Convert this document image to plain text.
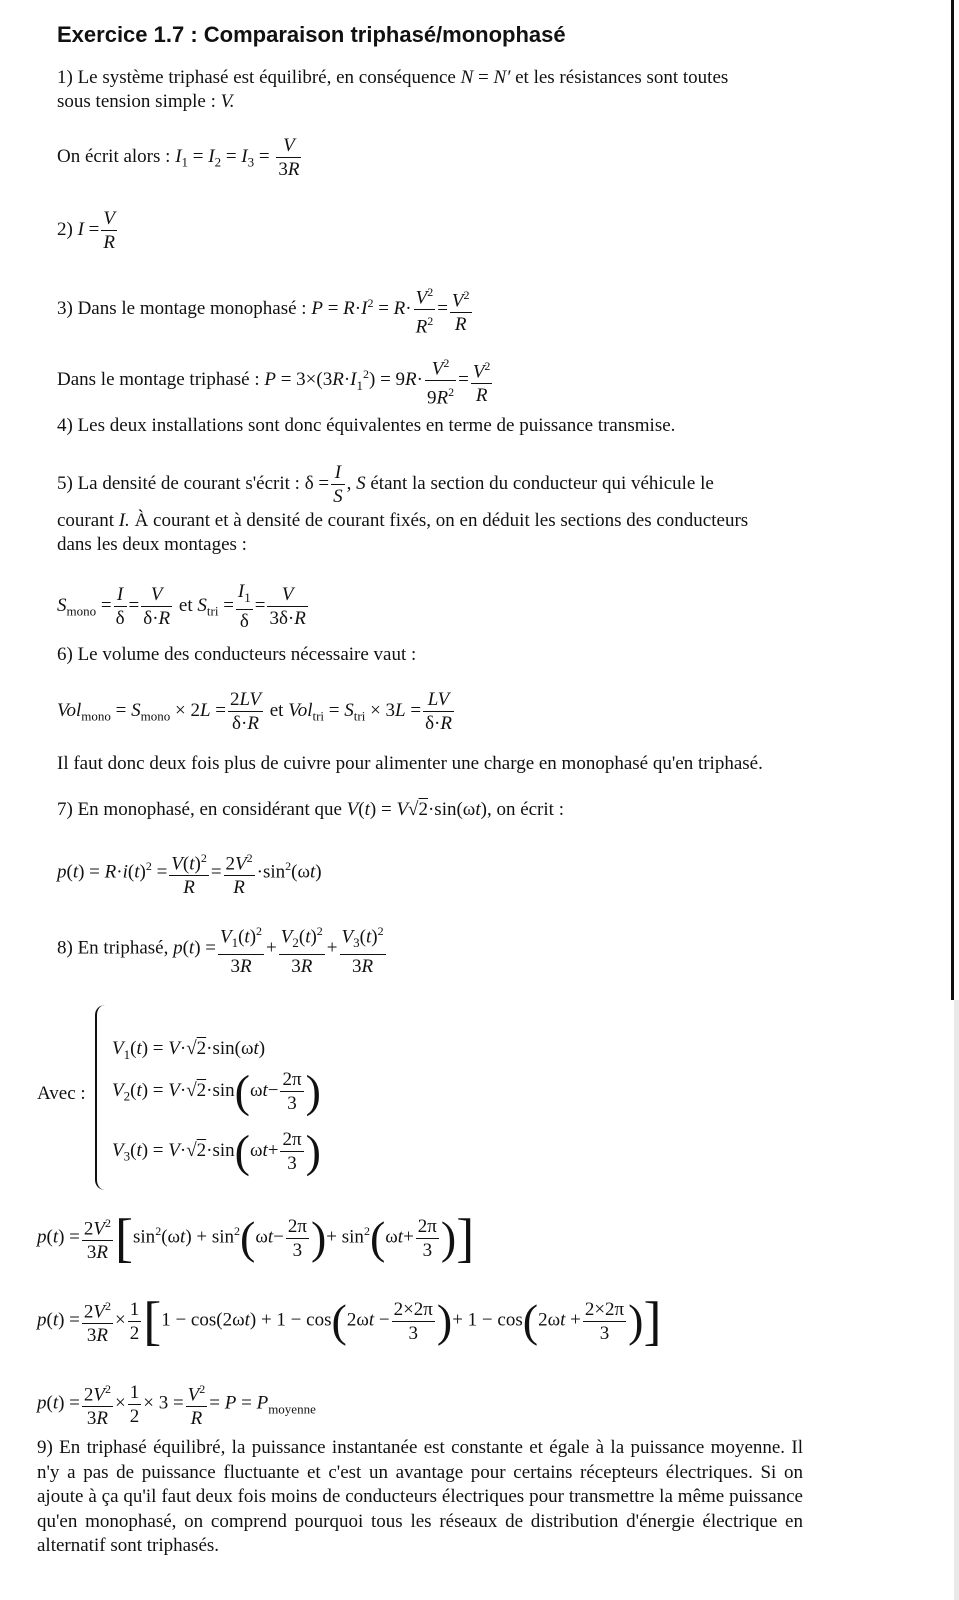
Exercice 1.7 : Comparaison triphasé/monophasé
1) Le système triphasé est équilibré, en conséquence N = N′ et les résistances sont toutes
sous tension simple : V.
On écrit alors : $I_1 = I_2 = I_3 = \frac{V}{3R}$
2) $I = \frac{V}{R}$
3) Dans le montage monophasé : $P = R\cdot I^2 = R\cdot \frac{V^2}{R^2} = \frac{V^2}{R}$
Dans le montage triphasé : $P = 3\times(3R\cdot I_1^2) = 9R\cdot \frac{V^2}{9R^2} = \frac{V^2}{R}$
4) Les deux installations sont donc équivalentes en terme de puissance transmise.
5) La densité de courant s'écrit : $\delta = \frac{I}{S}$ , S étant la section du conducteur qui véhicule le
courant I. À courant et à densité de courant fixés, on en déduit les sections des conducteurs
dans les deux montages :
$S_{mono} = \frac{I}{\delta} = \frac{V}{\delta\cdot R}$ et $S_{tri} = \frac{I_1}{\delta} = \frac{V}{3\delta\cdot R}$
6) Le volume des conducteurs nécessaire vaut :
$Vol_{mono} = S_{mono} \times 2L = \frac{2LV}{\delta\cdot R}$ et $Vol_{tri} = S_{tri} \times 3L = \frac{LV}{\delta\cdot R}$
Il faut donc deux fois plus de cuivre pour alimenter une charge en monophasé qu'en triphasé.
7) En monophasé, en considérant que V(t) = V√2·sin(ωt), on écrit :
$p(t) = R\cdot i(t)^2 = \frac{V(t)^2}{R} = \frac{2V^2}{R} \cdot\sin^2(\omega t)$
8) En triphasé, $p(t) = \frac{V_1(t)^2}{3R} + \frac{V_2(t)^2}{3R} + \frac{V_3(t)^2}{3R}$
Avec :
$V_1(t) = V\cdot√2\cdot\sin(\omega t)$
$V_2(t) = V\cdot√2\cdot\sin(\omega t- \frac{2\pi}{3}$ )
$V_3(t) = V\cdot√2\cdot\sin(\omega t+ \frac{2\pi}{3}$ )
$p(t) = \frac{2V^2}{3R} [\sin^2(\omega t) + \sin^2(\omega t- \frac{2\pi}{3}$ )+ $\sin^2(\omega t+ \frac{2\pi}{3}$ )]
$p(t) = \frac{2V^2}{3R} \times \frac{1}{2} [1 - \cos(2\omega t) + 1 - \cos(2\omega t - \frac{2\times 2\pi}{3}$ )+ $1 - \cos(2\omega t + \frac{2\times 2\pi}{3}$ )]
$p(t) = \frac{2V^2}{3R} \times \frac{1}{2} \times 3 = \frac{V^2}{R} = P = P_{moyenne}$
9) En triphasé équilibré, la puissance instantanée est constante et égale à la puissance moyenne. Il n'y a pas de puissance fluctuante et c'est un avantage pour certains récepteurs électriques. Si on ajoute à ça qu'il faut deux fois moins de conducteurs électriques pour transmettre la même puissance qu'en monophasé, on comprend pourquoi tous les réseaux de distribution d'énergie électrique en alternatif sont triphasés.
